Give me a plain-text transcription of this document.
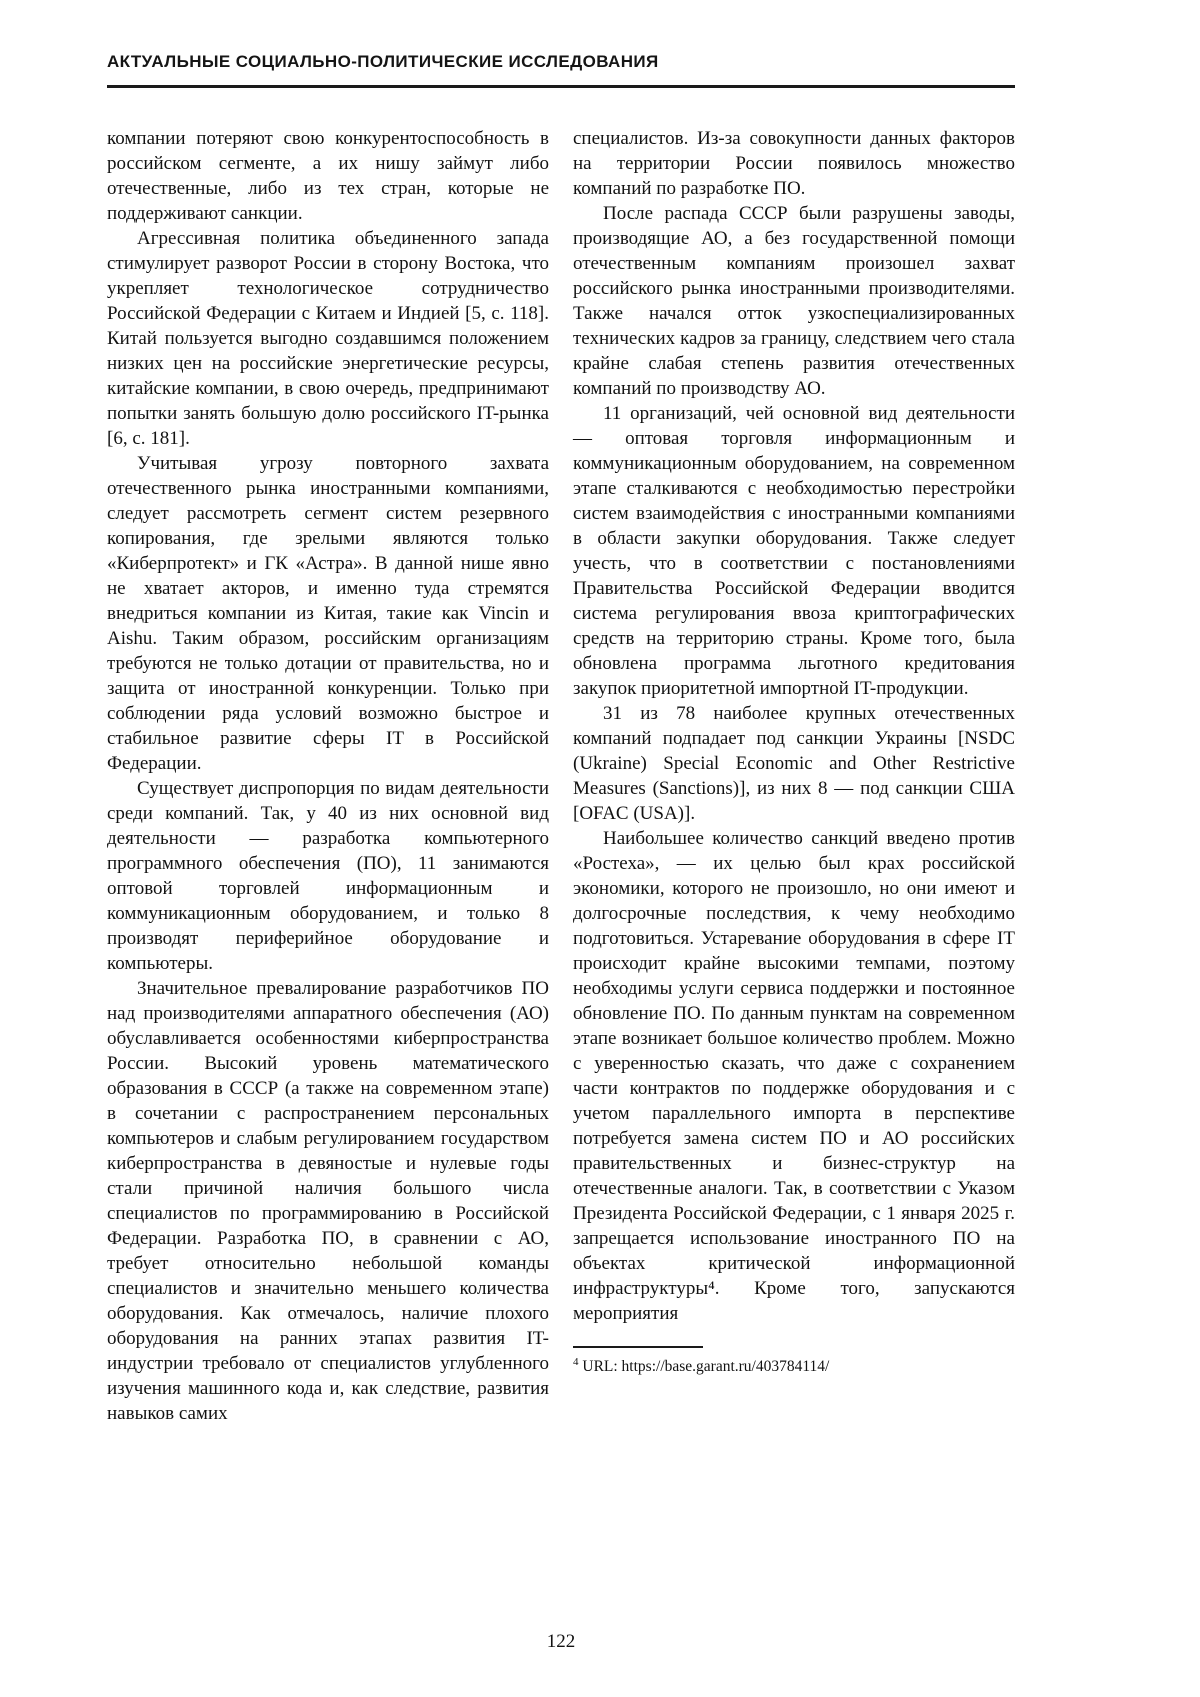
АКТУАЛЬНЫЕ СОЦИАЛЬНО-ПОЛИТИЧЕСКИЕ ИССЛЕДОВАНИЯ

компании потеряют свою конкурентоспособность в российском сегменте, а их нишу займут либо отечественные, либо из тех стран, которые не поддерживают санкции.

Агрессивная политика объединенного запада стимулирует разворот России в сторону Востока, что укрепляет технологическое сотрудничество Российской Федерации с Китаем и Индией [5, с. 118]. Китай пользуется выгодно создавшимся положением низких цен на российские энергетические ресурсы, китайские компании, в свою очередь, предпринимают попытки занять большую долю российского IT-рынка [6, с. 181].

Учитывая угрозу повторного захвата отечественного рынка иностранными компаниями, следует рассмотреть сегмент систем резервного копирования, где зрелыми являются только «Киберпротект» и ГК «Астра». В данной нише явно не хватает акторов, и именно туда стремятся внедриться компании из Китая, такие как Vincin и Aishu. Таким образом, российским организациям требуются не только дотации от правительства, но и защита от иностранной конкуренции. Только при соблюдении ряда условий возможно быстрое и стабильное развитие сферы IT в Российской Федерации.

Существует диспропорция по видам деятельности среди компаний. Так, у 40 из них основной вид деятельности — разработка компьютерного программного обеспечения (ПО), 11 занимаются оптовой торговлей информационным и коммуникационным оборудованием, и только 8 производят периферийное оборудование и компьютеры.

Значительное превалирование разработчиков ПО над производителями аппаратного обеспечения (АО) обуславливается особенностями киберпространства России. Высокий уровень математического образования в СССР (а также на современном этапе) в сочетании с распространением персональных компьютеров и слабым регулированием государством киберпространства в девяностые и нулевые годы стали причиной наличия большого числа специалистов по программированию в Российской Федерации. Разработка ПО, в сравнении с АО, требует относительно небольшой команды специалистов и значительно меньшего количества оборудования. Как отмечалось, наличие плохого оборудования на ранних этапах развития IT-индустрии требовало от специалистов углубленного изучения машинного кода и, как следствие, развития навыков самих

специалистов. Из-за совокупности данных факторов на территории России появилось множество компаний по разработке ПО.

После распада СССР были разрушены заводы, производящие АО, а без государственной помощи отечественным компаниям произошел захват российского рынка иностранными производителями. Также начался отток узкоспециализированных технических кадров за границу, следствием чего стала крайне слабая степень развития отечественных компаний по производству АО.

11 организаций, чей основной вид деятельности — оптовая торговля информационным и коммуникационным оборудованием, на современном этапе сталкиваются с необходимостью перестройки систем взаимодействия с иностранными компаниями в области закупки оборудования. Также следует учесть, что в соответствии с постановлениями Правительства Российской Федерации вводится система регулирования ввоза криптографических средств на территорию страны. Кроме того, была обновлена программа льготного кредитования закупок приоритетной импортной IT-продукции.

31 из 78 наиболее крупных отечественных компаний подпадает под санкции Украины [NSDC (Ukraine) Special Economic and Other Restrictive Measures (Sanctions)], из них 8 — под санкции США [OFAC (USA)].

Наибольшее количество санкций введено против «Ростеха», — их целью был крах российской экономики, которого не произошло, но они имеют и долгосрочные последствия, к чему необходимо подготовиться. Устаревание оборудования в сфере IT происходит крайне высокими темпами, поэтому необходимы услуги сервиса поддержки и постоянное обновление ПО. По данным пунктам на современном этапе возникает большое количество проблем. Можно с уверенностью сказать, что даже с сохранением части контрактов по поддержке оборудования и с учетом параллельного импорта в перспективе потребуется замена систем ПО и АО российских правительственных и бизнес-структур на отечественные аналоги. Так, в соответствии с Указом Президента Российской Федерации, с 1 января 2025 г. запрещается использование иностранного ПО на объектах критической информационной инфраструктуры⁴. Кроме того, запускаются мероприятия

$^4$ URL: https://base.garant.ru/403784114/

122
